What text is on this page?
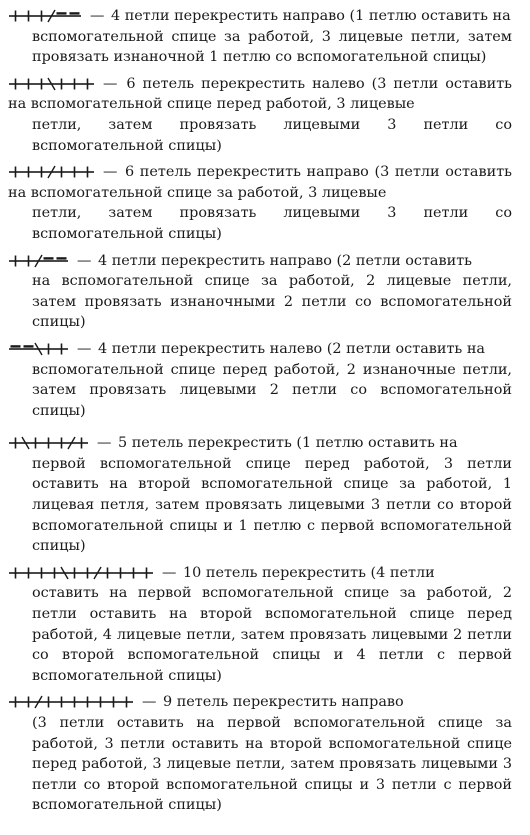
— 4 петли перекрестить направо (1 петлю оставить на
вспомогательной спице за работой, 3 лицевые петли, затем провязать изнаночной 1 петлю со вспомогательной спицы)
— 6 петель перекрестить налево (3 петли оставить на вспомогательной спице перед работой, 3 лицевые
петли, затем провязать лицевыми 3 петли со вспомогательной спицы)
— 6 петель перекрестить направо (3 петли оставить на вспомогательной спице за работой, 3 лицевые
петли, затем провязать лицевыми 3 петли со вспомогательной спицы)
— 4 петли перекрестить направо (2 петли оставить
на вспомогательной спице за работой, 2 лицевые петли, затем провязать изнаночными 2 петли со вспомогательной спицы)
— 4 петли перекрестить налево (2 петли оставить на
вспомогательной спице перед работой, 2 изнаночные петли, затем провязать лицевыми 2 петли со вспомогательной спицы)
— 5 петель перекрестить (1 петлю оставить на
первой вспомогательной спице перед работой, 3 петли оставить на второй вспомогательной спице за работой, 1 лицевая петля, затем провязать лицевыми 3 петли со второй вспомогательной спицы и 1 петлю с первой вспомогательной спицы)
— 10 петель перекрестить (4 петли
оставить на первой вспомогательной спице за работой, 2 петли оставить на второй вспомогательной спице перед работой, 4 лицевые петли, затем провязать лицевыми 2 петли со второй вспомогательной спицы и 4 петли с первой вспомогательной спицы)
— 9 петель перекрестить направо
(3 петли оставить на первой вспомогательной спице за работой, 3 петли оставить на второй вспомогательной спице перед работой, 3 лицевые петли, затем провязать лицевыми 3 петли со второй вспомогательной спицы и 3 петли с первой вспомогательной спицы)
